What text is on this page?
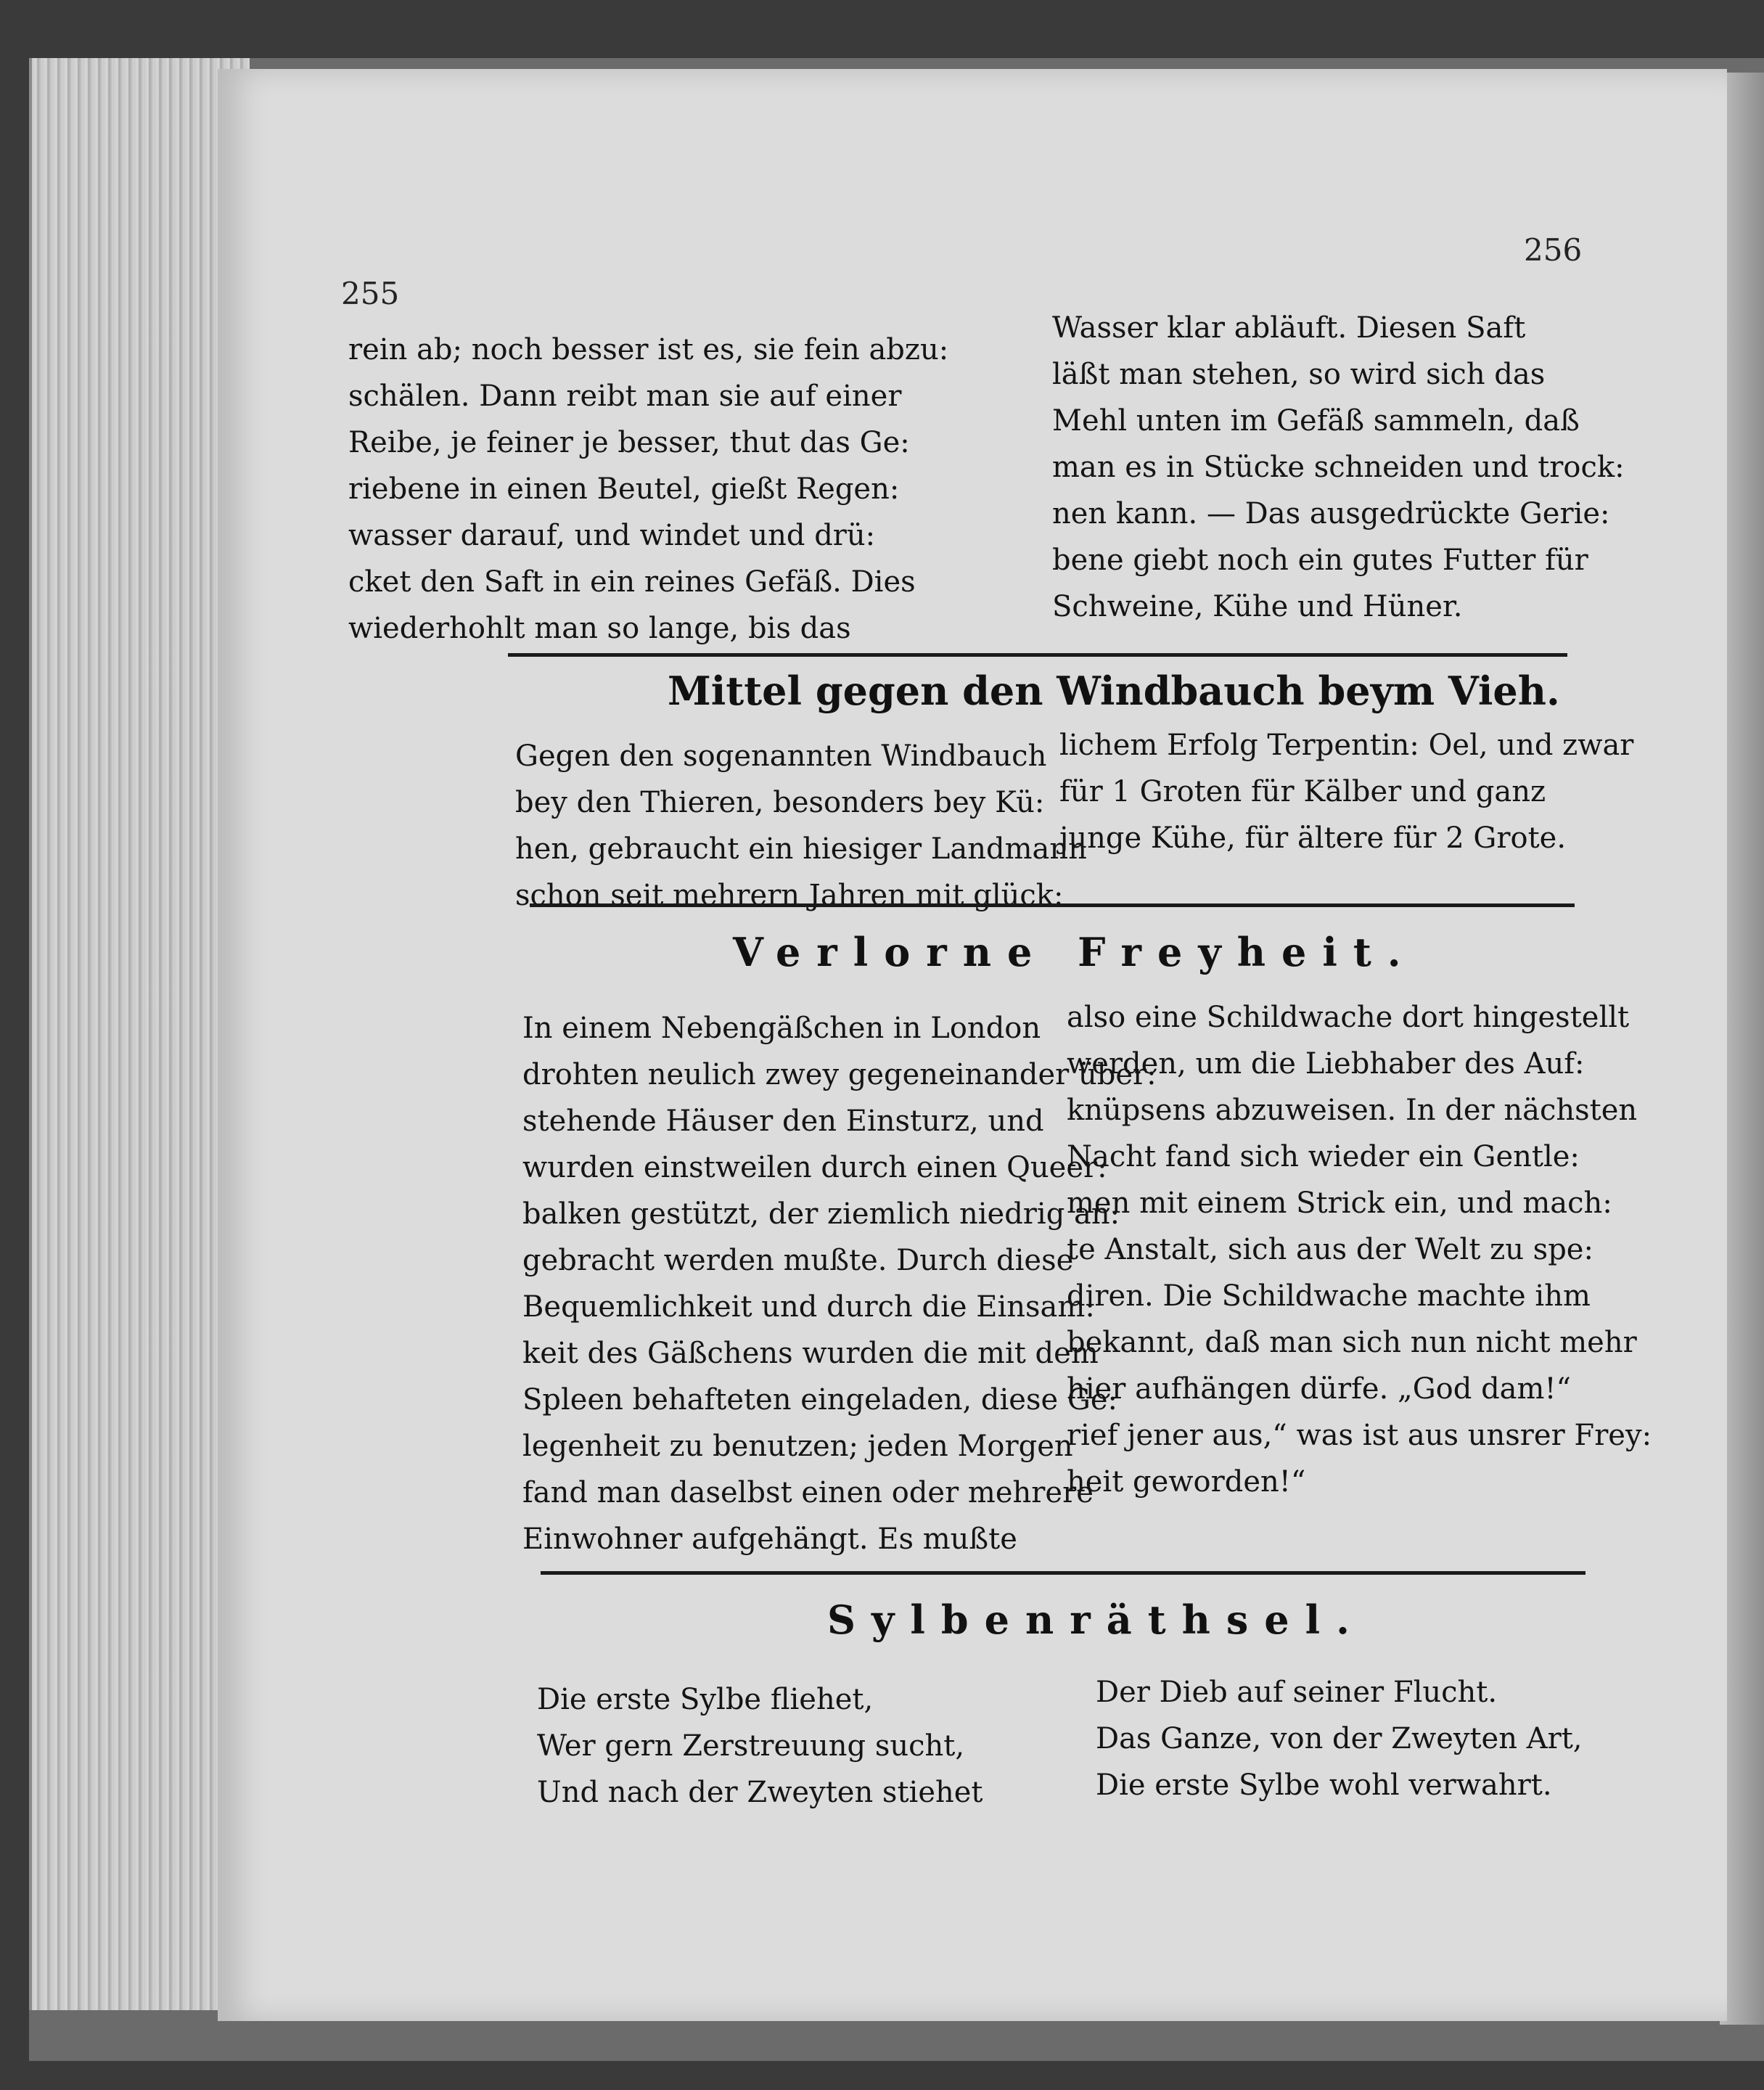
255
256

rein ab; noch besser ist es, sie fein abzu:

schälen. Dann reibt man sie auf einer

Reibe, je feiner je besser, thut das Ge:

riebene in einen Beutel, gießt Regen:

wasser darauf, und windet und drü:

cket den Saft in ein reines Gefäß. Dies

wiederhohlt man so lange, bis das

Wasser klar abläuft. Diesen Saft

läßt man stehen, so wird sich das

Mehl unten im Gefäß sammeln, daß

man es in Stücke schneiden und trock:

nen kann. — Das ausgedrückte Gerie:

bene giebt noch ein gutes Futter für

Schweine, Kühe und Hüner.

Mittel gegen den Windbauch beym Vieh.

Gegen den sogenannten Windbauch

bey den Thieren, besonders bey Kü:

hen, gebraucht ein hiesiger Landmann

schon seit mehrern Jahren mit glück:

lichem Erfolg Terpentin: Oel, und zwar

für 1 Groten für Kälber und ganz

junge Kühe, für ältere für 2 Grote.

Verlorne Freyheit.

In einem Nebengäßchen in London

drohten neulich zwey gegeneinander über:

stehende Häuser den Einsturz, und

wurden einstweilen durch einen Queer:

balken gestützt, der ziemlich niedrig an:

gebracht werden mußte. Durch diese

Bequemlichkeit und durch die Einsam:

keit des Gäßchens wurden die mit dem

Spleen behafteten eingeladen, diese Ge:

legenheit zu benutzen; jeden Morgen

fand man daselbst einen oder mehrere

Einwohner aufgehängt. Es mußte

also eine Schildwache dort hingestellt

werden, um die Liebhaber des Auf:

knüpsens abzuweisen. In der nächsten

Nacht fand sich wieder ein Gentle:

men mit einem Strick ein, und mach:

te Anstalt, sich aus der Welt zu spe:

diren. Die Schildwache machte ihm

bekannt, daß man sich nun nicht mehr

hier aufhängen dürfe. „God dam!“

rief jener aus,“ was ist aus unsrer Frey:

heit geworden!“

Sylbenräthsel.

Die erste Sylbe fliehet,

Wer gern Zerstreuung sucht,

Und nach der Zweyten stiehet

Der Dieb auf seiner Flucht.

Das Ganze, von der Zweyten Art,

Die erste Sylbe wohl verwahrt.
